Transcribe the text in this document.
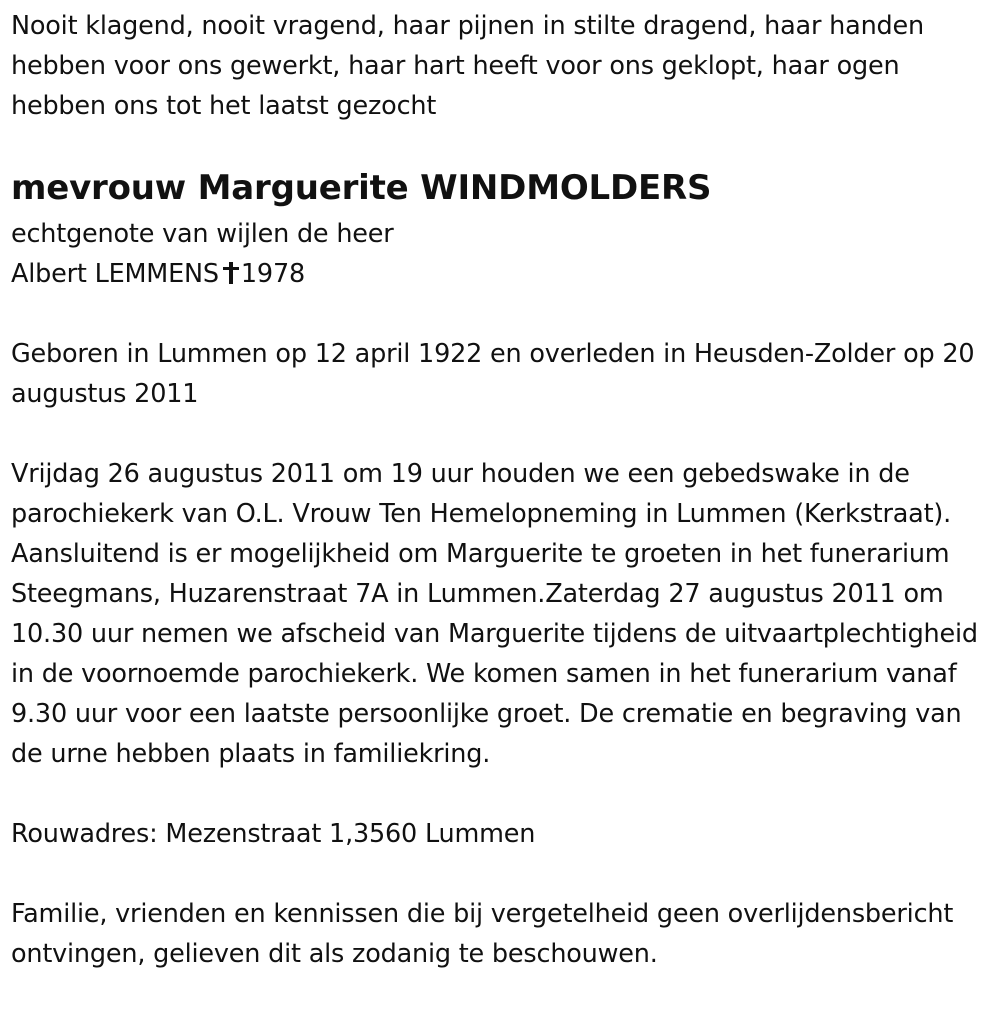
Nooit klagend, nooit vragend, haar pijnen in stilte dragend, haar handen hebben voor ons gewerkt, haar hart heeft voor ons geklopt, haar ogen hebben ons tot het laatst gezocht

mevrouw Marguerite WINDMOLDERS

echtgenote van wijlen de heer
Albert LEMMENS 1978

Geboren in Lummen op 12 april 1922 en overleden in Heusden-Zolder op 20 augustus 2011

Vrijdag 26 augustus 2011 om 19 uur houden we een gebedswake in de parochiekerk van O.L. Vrouw Ten Hemelopneming in Lummen (Kerkstraat). Aansluitend is er mogelijkheid om Marguerite te groeten in het funerarium Steegmans, Huzarenstraat 7A in Lummen.Zaterdag 27 augustus 2011 om 10.30 uur nemen we afscheid van Marguerite tijdens de uitvaartplechtigheid in de voornoemde parochiekerk. We komen samen in het funerarium vanaf 9.30 uur voor een laatste persoonlijke groet. De crematie en begraving van de urne hebben plaats in familiekring.

Rouwadres: Mezenstraat 1,3560 Lummen

Familie, vrienden en kennissen die bij vergetelheid geen overlijdensbericht ontvingen, gelieven dit als zodanig te beschouwen.
